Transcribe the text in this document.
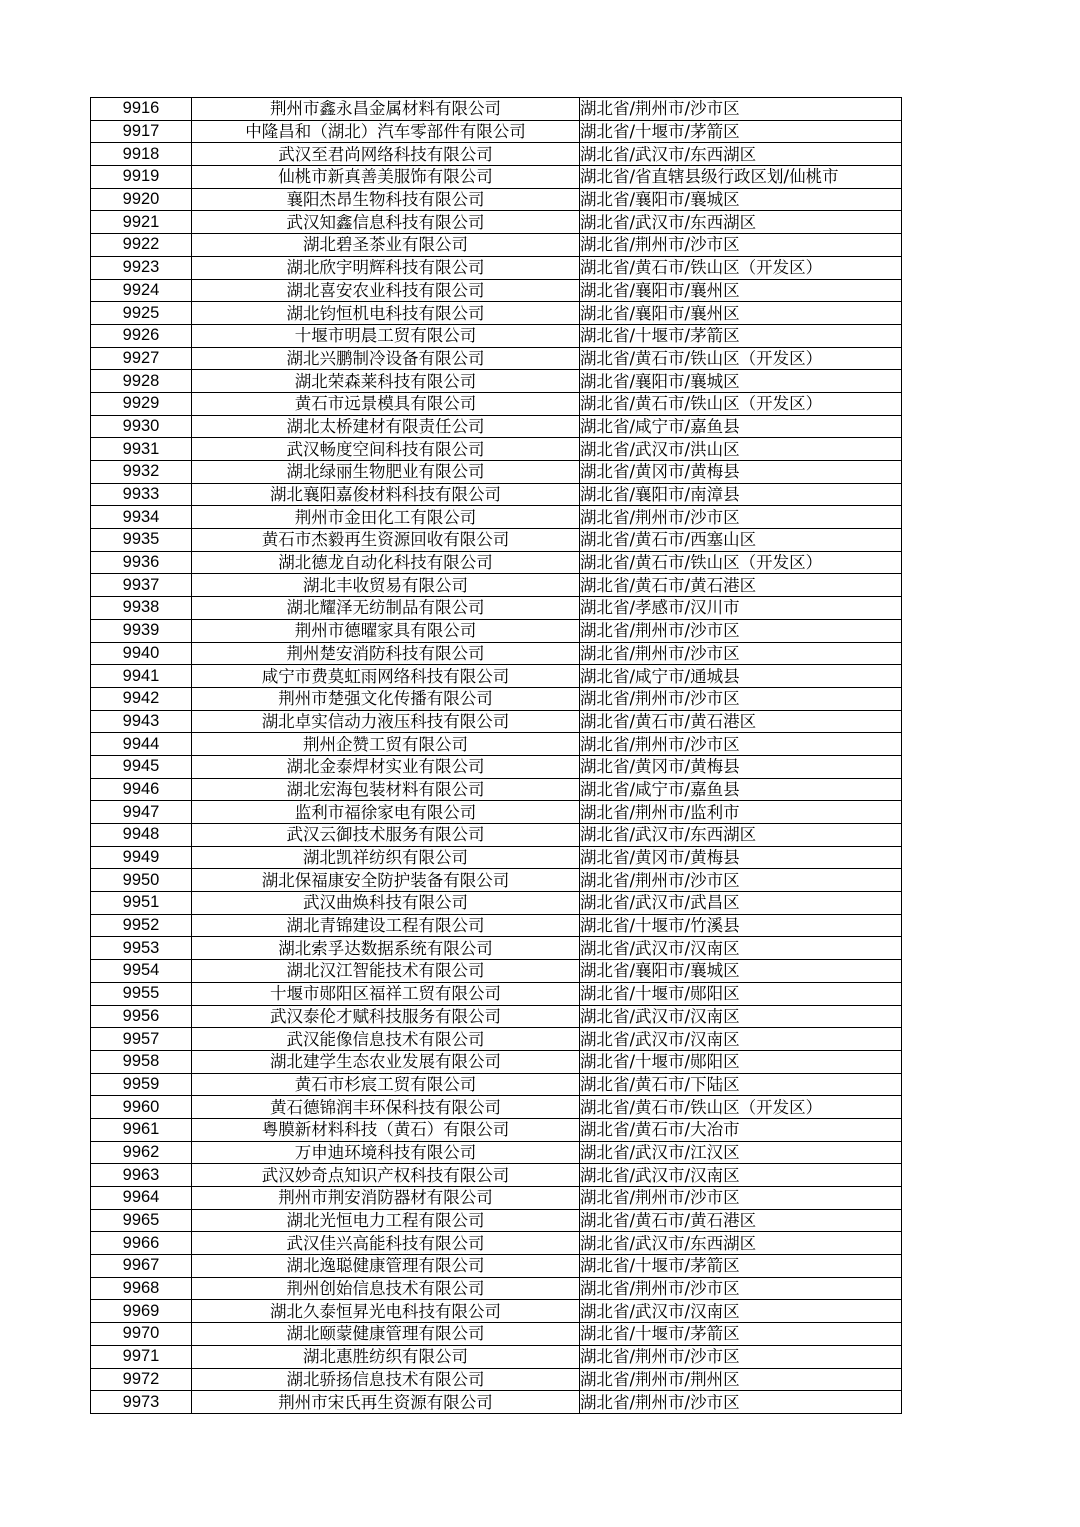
9916	荆州市鑫永昌金属材料有限公司	湖北省/荆州市/沙市区
9917	中隆昌和（湖北）汽车零部件有限公司	湖北省/十堰市/茅箭区
9918	武汉至君尚网络科技有限公司	湖北省/武汉市/东西湖区
9919	仙桃市新真善美服饰有限公司	湖北省/省直辖县级行政区划/仙桃市
9920	襄阳杰昂生物科技有限公司	湖北省/襄阳市/襄城区
9921	武汉知鑫信息科技有限公司	湖北省/武汉市/东西湖区
9922	湖北碧圣茶业有限公司	湖北省/荆州市/沙市区
9923	湖北欣宇明辉科技有限公司	湖北省/黄石市/铁山区（开发区）
9924	湖北喜安农业科技有限公司	湖北省/襄阳市/襄州区
9925	湖北钧恒机电科技有限公司	湖北省/襄阳市/襄州区
9926	十堰市明晨工贸有限公司	湖北省/十堰市/茅箭区
9927	湖北兴鹏制冷设备有限公司	湖北省/黄石市/铁山区（开发区）
9928	湖北荣森莱科技有限公司	湖北省/襄阳市/襄城区
9929	黄石市远景模具有限公司	湖北省/黄石市/铁山区（开发区）
9930	湖北太桥建材有限责任公司	湖北省/咸宁市/嘉鱼县
9931	武汉畅度空间科技有限公司	湖北省/武汉市/洪山区
9932	湖北绿丽生物肥业有限公司	湖北省/黄冈市/黄梅县
9933	湖北襄阳嘉俊材料科技有限公司	湖北省/襄阳市/南漳县
9934	荆州市金田化工有限公司	湖北省/荆州市/沙市区
9935	黄石市杰毅再生资源回收有限公司	湖北省/黄石市/西塞山区
9936	湖北德龙自动化科技有限公司	湖北省/黄石市/铁山区（开发区）
9937	湖北丰收贸易有限公司	湖北省/黄石市/黄石港区
9938	湖北耀泽无纺制品有限公司	湖北省/孝感市/汉川市
9939	荆州市德曜家具有限公司	湖北省/荆州市/沙市区
9940	荆州楚安消防科技有限公司	湖北省/荆州市/沙市区
9941	咸宁市费莫虹雨网络科技有限公司	湖北省/咸宁市/通城县
9942	荆州市楚强文化传播有限公司	湖北省/荆州市/沙市区
9943	湖北卓实信动力液压科技有限公司	湖北省/黄石市/黄石港区
9944	荆州企赞工贸有限公司	湖北省/荆州市/沙市区
9945	湖北金泰焊材实业有限公司	湖北省/黄冈市/黄梅县
9946	湖北宏海包装材料有限公司	湖北省/咸宁市/嘉鱼县
9947	监利市福徐家电有限公司	湖北省/荆州市/监利市
9948	武汉云御技术服务有限公司	湖北省/武汉市/东西湖区
9949	湖北凯祥纺织有限公司	湖北省/黄冈市/黄梅县
9950	湖北保福康安全防护装备有限公司	湖北省/荆州市/沙市区
9951	武汉曲焕科技有限公司	湖北省/武汉市/武昌区
9952	湖北青锦建设工程有限公司	湖北省/十堰市/竹溪县
9953	湖北索孚达数据系统有限公司	湖北省/武汉市/汉南区
9954	湖北汉江智能技术有限公司	湖北省/襄阳市/襄城区
9955	十堰市郧阳区福祥工贸有限公司	湖北省/十堰市/郧阳区
9956	武汉泰伦才赋科技服务有限公司	湖北省/武汉市/汉南区
9957	武汉能像信息技术有限公司	湖北省/武汉市/汉南区
9958	湖北建学生态农业发展有限公司	湖北省/十堰市/郧阳区
9959	黄石市杉宸工贸有限公司	湖北省/黄石市/下陆区
9960	黄石德锦润丰环保科技有限公司	湖北省/黄石市/铁山区（开发区）
9961	粤膜新材料科技（黄石）有限公司	湖北省/黄石市/大冶市
9962	万申迪环境科技有限公司	湖北省/武汉市/江汉区
9963	武汉妙奇点知识产权科技有限公司	湖北省/武汉市/汉南区
9964	荆州市荆安消防器材有限公司	湖北省/荆州市/沙市区
9965	湖北光恒电力工程有限公司	湖北省/黄石市/黄石港区
9966	武汉佳兴高能科技有限公司	湖北省/武汉市/东西湖区
9967	湖北逸聪健康管理有限公司	湖北省/十堰市/茅箭区
9968	荆州创始信息技术有限公司	湖北省/荆州市/沙市区
9969	湖北久泰恒昇光电科技有限公司	湖北省/武汉市/汉南区
9970	湖北颐蒙健康管理有限公司	湖北省/十堰市/茅箭区
9971	湖北惠胜纺织有限公司	湖北省/荆州市/沙市区
9972	湖北骄扬信息技术有限公司	湖北省/荆州市/荆州区
9973	荆州市宋氏再生资源有限公司	湖北省/荆州市/沙市区
